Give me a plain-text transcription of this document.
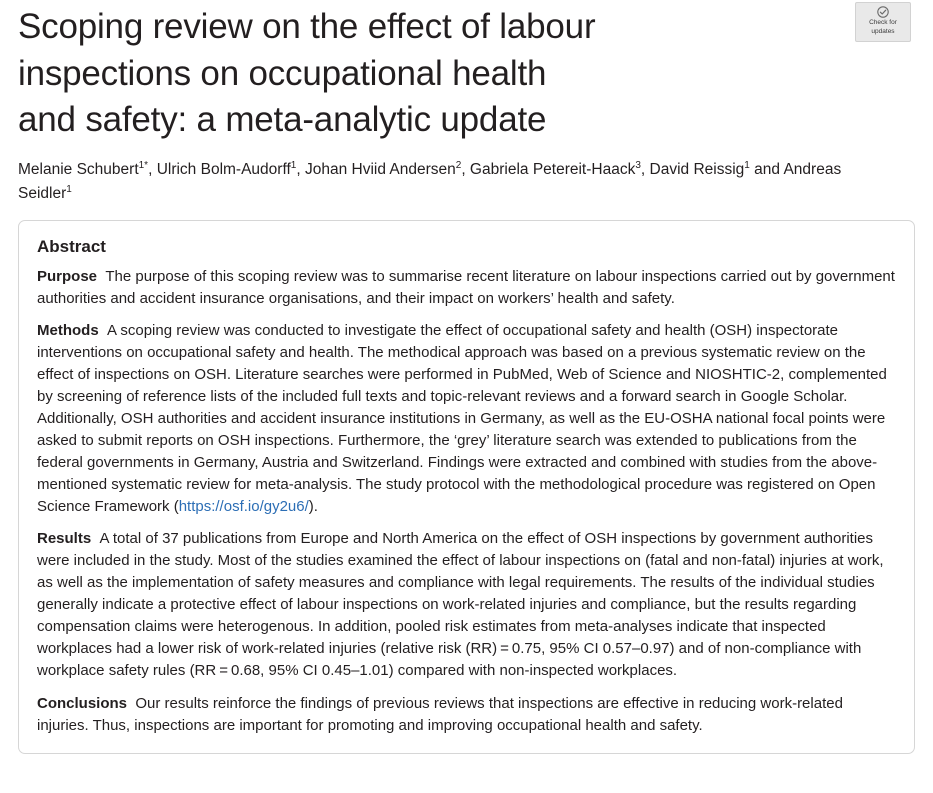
Check for
updates
Scoping review on the effect of labour
inspections on occupational health
and safety: a meta-analytic update

Melanie Schubert$^{1*}$, Ulrich Bolm-Audorff$^1$, Johan Hviid Andersen$^2$, Gabriela Petereit-Haack$^3$, David Reissig$^1$ and Andreas Seidler$^1$

Abstract

Purpose The purpose of this scoping review was to summarise recent literature on labour inspections carried out by government authorities and accident insurance organisations, and their impact on workers’ health and safety.

Methods A scoping review was conducted to investigate the effect of occupational safety and health (OSH) inspectorate interventions on occupational safety and health. The methodical approach was based on a previous systematic review on the effect of inspections on OSH. Literature searches were performed in PubMed, Web of Science and NIOSHTIC-2, complemented by screening of reference lists of the included full texts and topic-relevant reviews and a forward search in Google Scholar. Additionally, OSH authorities and accident insurance institutions in Germany, as well as the EU-OSHA national focal points were asked to submit reports on OSH inspections. Furthermore, the ‘grey’ literature search was extended to publications from the federal governments in Germany, Austria and Switzerland. Findings were extracted and combined with studies from the above-mentioned systematic review for meta-analysis. The study protocol with the methodological procedure was registered on Open Science Framework (https://osf.io/gy2u6/).

Results A total of 37 publications from Europe and North America on the effect of OSH inspections by government authorities were included in the study. Most of the studies examined the effect of labour inspections on (fatal and non-fatal) injuries at work, as well as the implementation of safety measures and compliance with legal requirements. The results of the individual studies generally indicate a protective effect of labour inspections on work-related injuries and compliance, but the results regarding compensation claims were heterogenous. In addition, pooled risk estimates from meta-analyses indicate that inspected workplaces had a lower risk of work-related injuries (relative risk (RR) = 0.75, 95% CI 0.57–0.97) and of non-compliance with workplace safety rules (RR = 0.68, 95% CI 0.45–1.01) compared with non-inspected workplaces.

Conclusions Our results reinforce the findings of previous reviews that inspections are effective in reducing work-related injuries. Thus, inspections are important for promoting and improving occupational health and safety.
